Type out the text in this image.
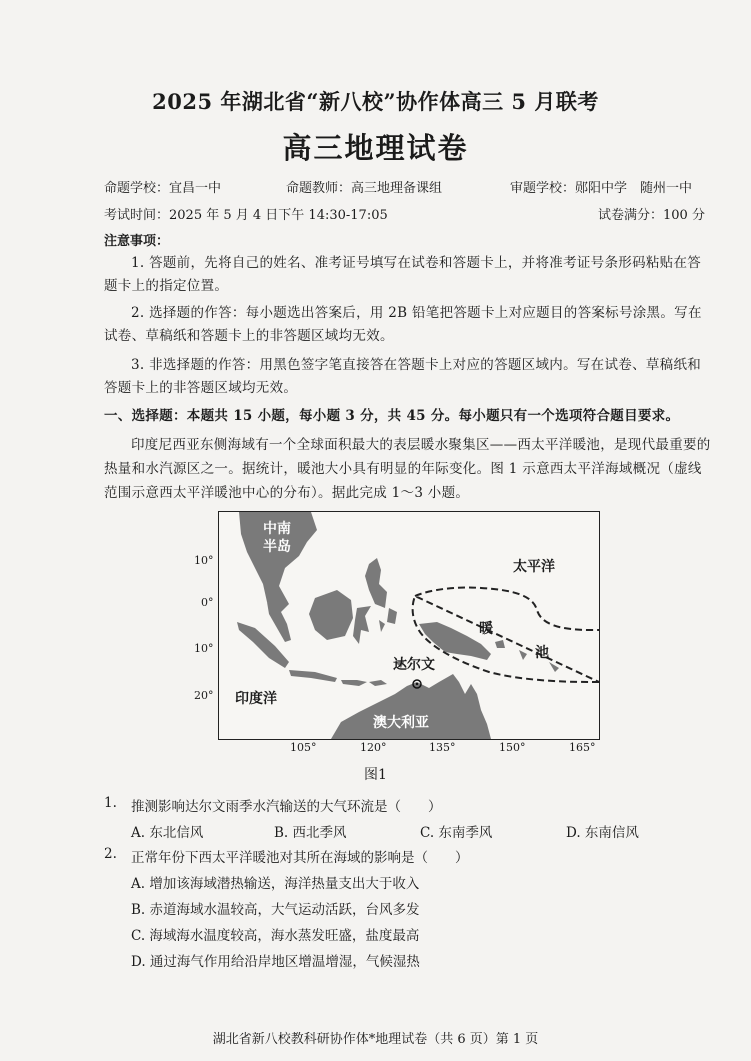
2025 年湖北省“新八校”协作体高三 5 月联考
高三地理试卷
命题学校：宜昌一中	命题教师：高三地理备课组	审题学校：郧阳中学　随州一中
考试时间：2025 年 5 月 4 日下午 14:30-17:05	试卷满分：100 分
注意事项：
1. 答题前，先将自己的姓名、准考证号填写在试卷和答题卡上，并将准考证号条形码粘贴在答题卡上的指定位置。
2. 选择题的作答：每小题选出答案后，用 2B 铅笔把答题卡上对应题目的答案标号涂黑。写在试卷、草稿纸和答题卡上的非答题区域均无效。
3. 非选择题的作答：用黑色签字笔直接答在答题卡上对应的答题区域内。写在试卷、草稿纸和答题卡上的非答题区域均无效。
一、选择题：本题共 15 小题，每小题 3 分，共 45 分。每小题只有一个选项符合题目要求。
印度尼西亚东侧海域有一个全球面积最大的表层暖水聚集区——西太平洋暖池，是现代最重要的热量和水汽源区之一。据统计，暖池大小具有明显的年际变化。图 1 示意西太平洋海域概况（虚线范围示意西太平洋暖池中心的分布）。据此完成 1～3 小题。
10°
0°
10°
20°
中南
半岛
太平洋
暖
池
达尔文
印度洋
澳大利亚
105°	120°	135°	150°	165°
图1
1. 推测影响达尔文雨季水汽输送的大气环流是（　　）
A. 东北信风	B. 西北季风	C. 东南季风	D. 东南信风
2. 正常年份下西太平洋暖池对其所在海域的影响是（　　）
A. 增加该海域潜热输送，海洋热量支出大于收入
B. 赤道海域水温较高，大气运动活跃，台风多发
C. 海域海水温度较高，海水蒸发旺盛，盐度最高
D. 通过海气作用给沿岸地区增温增湿，气候湿热
湖北省新八校教科研协作体*地理试卷（共 6 页）第 1 页
